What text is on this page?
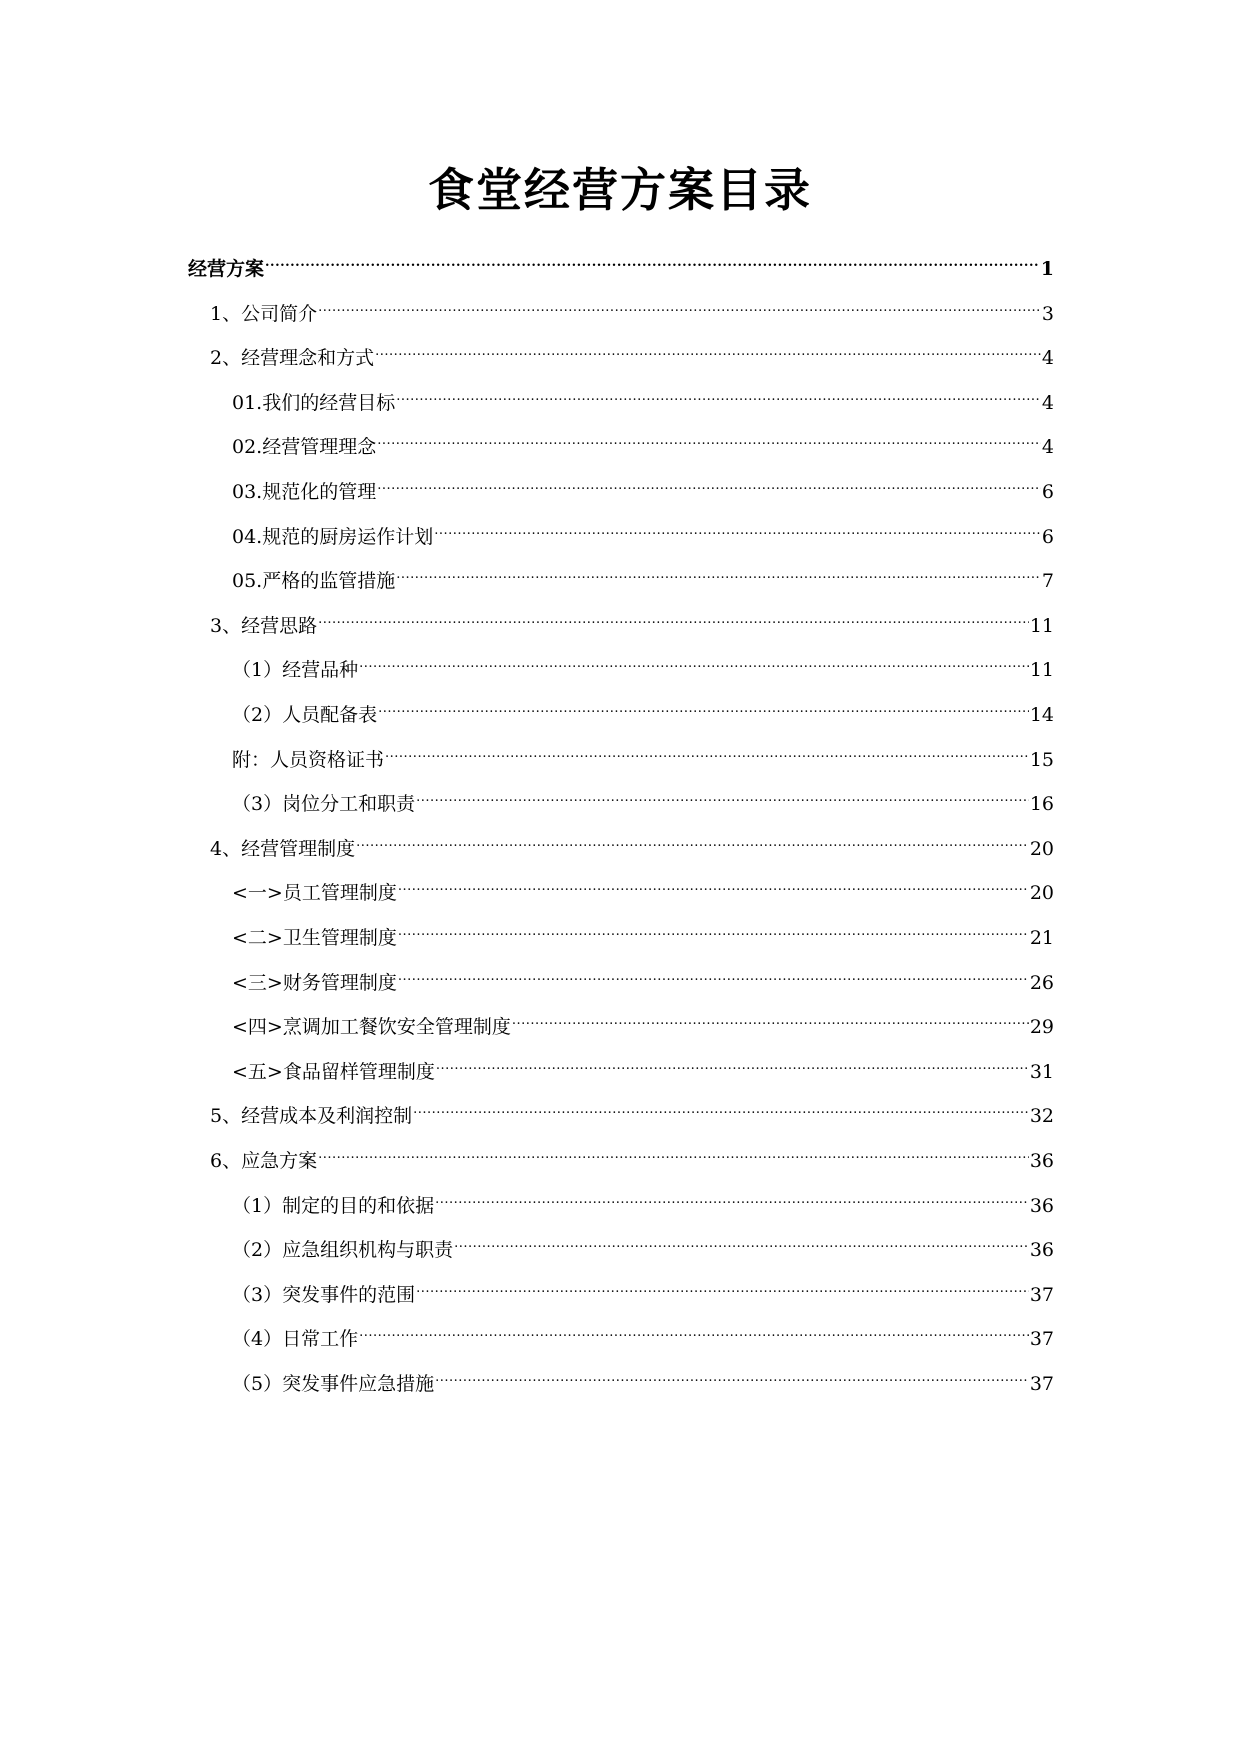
食堂经营方案目录
经营方案 .....	1
1、公司简介 .....	3
2、经营理念和方式 .....	4
01.我们的经营目标 .....	4
02.经营管理理念 .....	4
03.规范化的管理 .....	6
04.规范的厨房运作计划 .....	6
05.严格的监管措施 .....	7
3、经营思路 .....	11
（1）经营品种 .....	11
（2）人员配备表 .....	14
附：人员资格证书 .....	15
（3）岗位分工和职责 .....	16
4、经营管理制度 .....	20
<一>员工管理制度 .....	20
<二>卫生管理制度 .....	21
<三>财务管理制度 .....	26
<四>烹调加工餐饮安全管理制度 .....	29
<五>食品留样管理制度 .....	31
5、经营成本及利润控制 .....	32
6、应急方案 .....	36
（1）制定的目的和依据 .....	36
（2）应急组织机构与职责 .....	36
（3）突发事件的范围 .....	37
（4）日常工作 .....	37
（5）突发事件应急措施 .....	37
